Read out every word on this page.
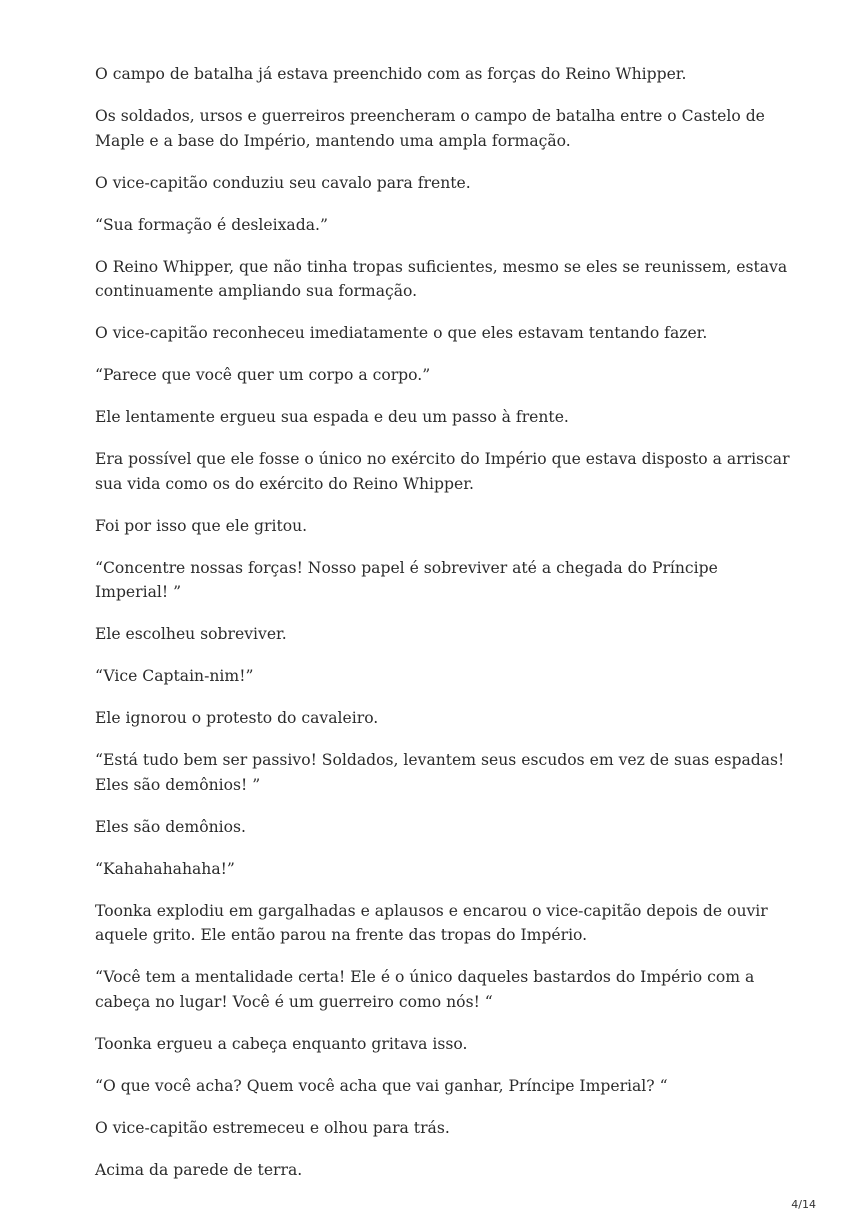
O campo de batalha já estava preenchido com as forças do Reino Whipper.

Os soldados, ursos e guerreiros preencheram o campo de batalha entre o Castelo de Maple e a base do Império, mantendo uma ampla formação.

O vice-capitão conduziu seu cavalo para frente.

“Sua formação é desleixada.”

O Reino Whipper, que não tinha tropas suficientes, mesmo se eles se reunissem, estava continuamente ampliando sua formação.

O vice-capitão reconheceu imediatamente o que eles estavam tentando fazer.

“Parece que você quer um corpo a corpo.”

Ele lentamente ergueu sua espada e deu um passo à frente.

Era possível que ele fosse o único no exército do Império que estava disposto a arriscar sua vida como os do exército do Reino Whipper.

Foi por isso que ele gritou.

“Concentre nossas forças! Nosso papel é sobreviver até a chegada do Príncipe Imperial! ”

Ele escolheu sobreviver.

“Vice Captain-nim!”

Ele ignorou o protesto do cavaleiro.

“Está tudo bem ser passivo! Soldados, levantem seus escudos em vez de suas espadas! Eles são demônios! ”

Eles são demônios.

“Kahahahahaha!”

Toonka explodiu em gargalhadas e aplausos e encarou o vice-capitão depois de ouvir aquele grito. Ele então parou na frente das tropas do Império.

“Você tem a mentalidade certa! Ele é o único daqueles bastardos do Império com a cabeça no lugar! Você é um guerreiro como nós! “

Toonka ergueu a cabeça enquanto gritava isso.

“O que você acha? Quem você acha que vai ganhar, Príncipe Imperial? “

O vice-capitão estremeceu e olhou para trás.

Acima da parede de terra.

4/14
